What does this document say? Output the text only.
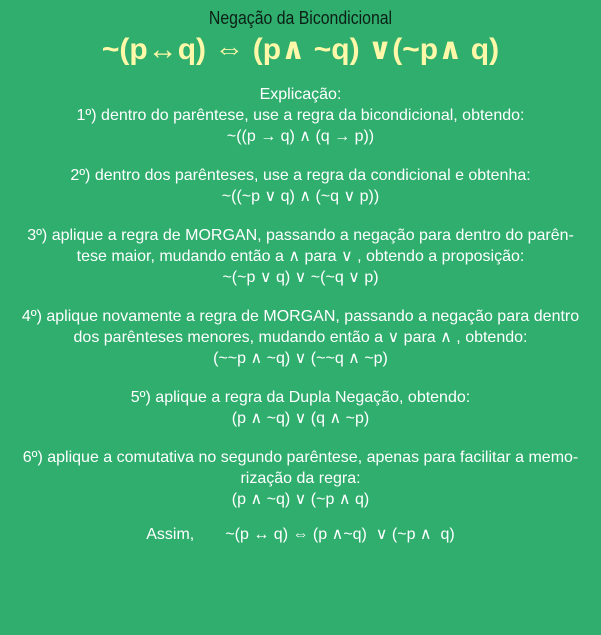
Negação da Bicondicional
~(p↔q) ⇔ (p∧ ~q) ∨(~p∧ q)
Explicação:
1º) dentro do parêntese, use a regra da bicondicional, obtendo:
~((p → q) ∧ (q → p))
2º) dentro dos parênteses, use a regra da condicional e obtenha:
~((~p ∨ q) ∧ (~q ∨ p))
3º) aplique a regra de MORGAN, passando a negação para dentro do parên-
tese maior, mudando então a ∧ para ∨ , obtendo a proposição:
~(~p ∨ q) ∨ ~(~q ∨ p)
4º) aplique novamente a regra de MORGAN, passando a negação para dentro
dos parênteses menores, mudando então a ∨ para ∧ , obtendo:
(~~p ∧ ~q) ∨ (~~q ∧ ~p)
5º) aplique a regra da Dupla Negação, obtendo:
(p ∧ ~q) ∨ (q ∧ ~p)
6º) aplique a comutativa no segundo parêntese, apenas para facilitar a memo-
rização da regra:
(p ∧ ~q) ∨ (~p ∧ q)
Assim,       ~(p ↔ q) ⇔ (p ∧~q)  ∨ (~p ∧  q)
